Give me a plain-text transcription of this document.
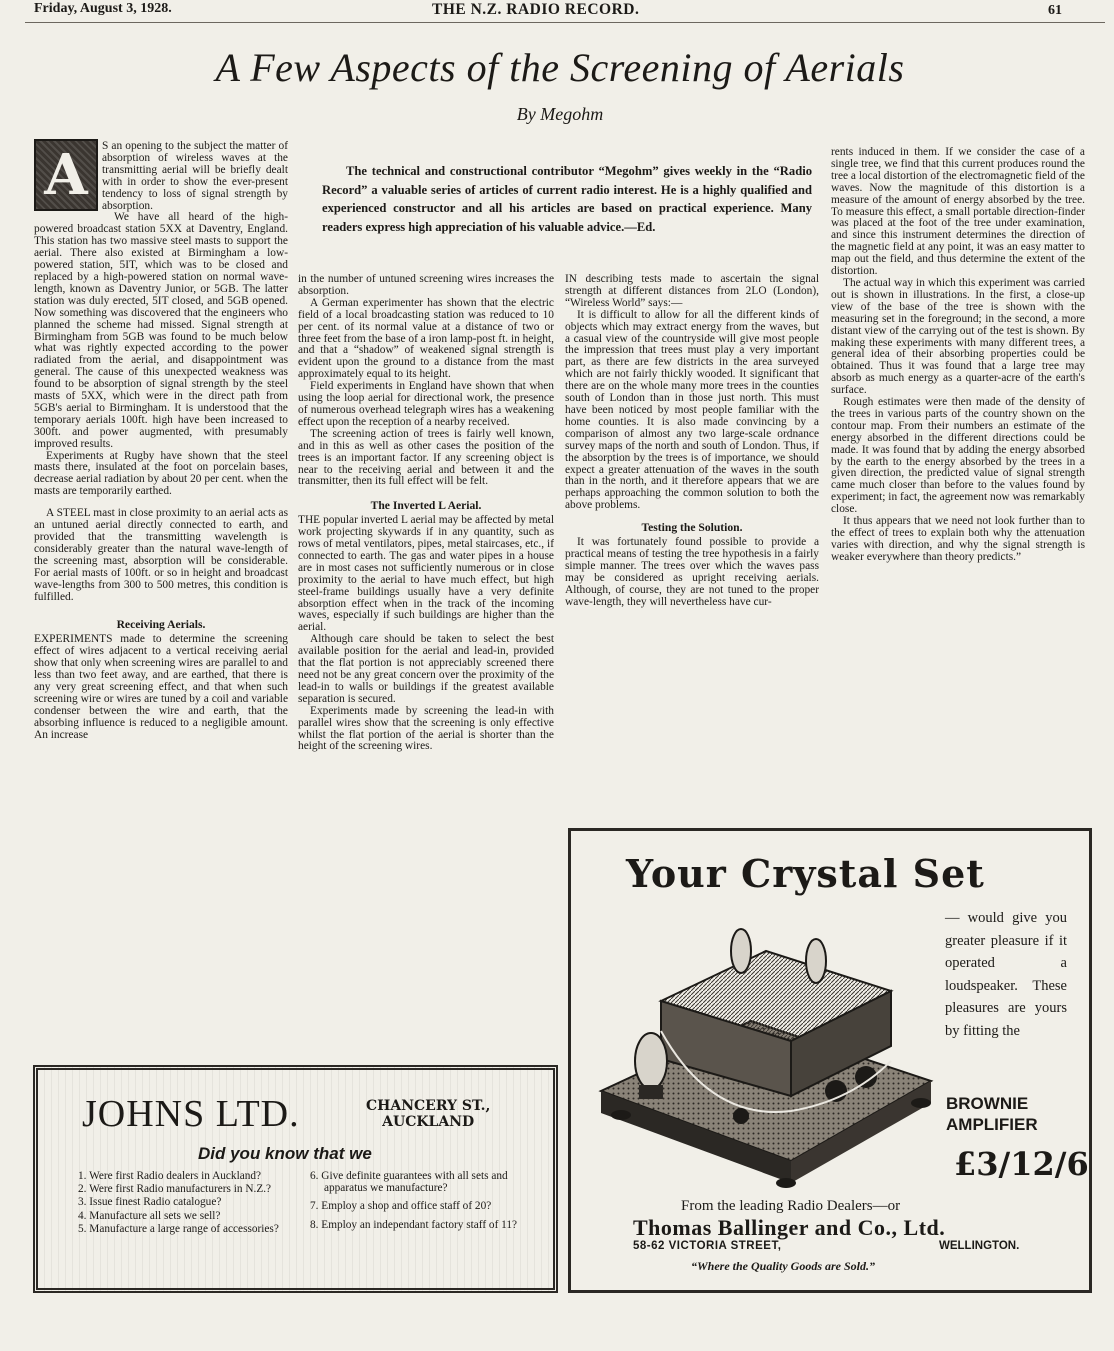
Friday, August 3, 1928.	THE N.Z. RADIO RECORD.	61
A Few Aspects of the Screening of Aerials
By Megohm
The technical and constructional contributor “Megohm” gives weekly in the “Radio Record” a valuable series of articles of current radio interest. He is a highly qualified and experienced constructor and all his articles are based on practical experience. Many readers express high appreciation of his valuable advice.—Ed.
A	S an opening to the subject the matter of absorption of wireless waves at the transmitting aerial will be briefly dealt with in order to show the ever-present tendency to loss of signal strength by absorption.

We have all heard of the high-powered broadcast station 5XX at Daventry, England. This station has two massive steel masts to support the aerial. There also existed at Birmingham a low-powered station, 5IT, which was to be closed and replaced by a high-powered station on normal wave-length, known as Daventry Junior, or 5GB. The latter station was duly erected, 5IT closed, and 5GB opened. Now something was discovered that the engineers who planned the scheme had missed. Signal strength at Birmingham from 5GB was found to be much below what was rightly expected according to the power radiated from the aerial, and disappointment was general. The cause of this unexpected weakness was found to be absorption of signal strength by the steel masts of 5XX, which were in the direct path from 5GB's aerial to Birmingham. It is understood that the temporary aerials 100ft. high have been increased to 300ft. and power augmented, with presumably improved results.

Experiments at Rugby have shown that the steel masts there, insulated at the foot on porcelain bases, decrease aerial radiation by about 20 per cent. when the masts are temporarily earthed.

A STEEL mast in close proximity to an aerial acts as an untuned aerial directly connected to earth, and provided that the transmitting wavelength is considerably greater than the natural wave-length of the screening mast, absorption will be considerable. For aerial masts of 100ft. or so in height and broadcast wave-lengths from 300 to 500 metres, this condition is fulfilled.

Receiving Aerials.

EXPERIMENTS made to determine the screening effect of wires adjacent to a vertical receiving aerial show that only when screening wires are parallel to and less than two feet away, and are earthed, that there is any very great screening effect, and that when such screening wire or wires are tuned by a coil and variable condenser between the wire and earth, that the absorbing influence is reduced to a negligible amount. An increase

in the number of untuned screening wires increases the absorption.

A German experimenter has shown that the electric field of a local broadcasting station was reduced to 10 per cent. of its normal value at a distance of two or three feet from the base of a iron lamp-post ft. in height, and that a “shadow” of weakened signal strength is evident upon the ground to a distance from the mast approximately equal to its height.

Field experiments in England have shown that when using the loop aerial for directional work, the presence of numerous overhead telegraph wires has a weakening effect upon the reception of a nearby received.

The screening action of trees is fairly well known, and in this as well as other cases the position of the trees is an important factor. If any screening object is near to the receiving aerial and between it and the transmitter, then its full effect will be felt.

The Inverted L Aerial.

THE popular inverted L aerial may be affected by metal work projecting skywards if in any quantity, such as rows of metal ventilators, pipes, metal staircases, etc., if connected to earth. The gas and water pipes in a house are in most cases not sufficiently numerous or in close proximity to the aerial to have much effect, but high steel-frame buildings usually have a very definite absorption effect when in the track of the incoming waves, especially if such buildings are higher than the aerial.

Although care should be taken to select the best available position for the aerial and lead-in, provided that the flat portion is not appreciably screened there need not be any great concern over the proximity of the lead-in to walls or buildings if the greatest available separation is secured.

Experiments made by screening the lead-in with parallel wires show that the screening is only effective whilst the flat portion of the aerial is shorter than the height of the screening wires.

IN describing tests made to ascertain the signal strength at different distances from 2LO (London), “Wireless World” says:—

It is difficult to allow for all the different kinds of objects which may extract energy from the waves, but a casual view of the countryside will give most people the impression that trees must play a very important part, as there are few districts in the area surveyed which are not fairly thickly wooded. It significant that there are on the whole many more trees in the counties south of London than in those just north. This must have been noticed by most people familiar with the home counties. It is also made convincing by a comparison of almost any two large-scale ordnance survey maps of the north and south of London. Thus, if the absorption by the trees is of importance, we should expect a greater attenuation of the waves in the south than in the north, and it therefore appears that we are perhaps approaching the common solution to both the above problems.

Testing the Solution.

It was fortunately found possible to provide a practical means of testing the tree hypothesis in a fairly simple manner. The trees over which the waves pass may be considered as upright receiving aerials. Although, of course, they are not tuned to the proper wave-length, they will nevertheless have cur-

rents induced in them. If we consider the case of a single tree, we find that this current produces round the tree a local distortion of the electromagnetic field of the waves. Now the magnitude of this distortion is a measure of the amount of energy absorbed by the tree. To measure this effect, a small portable direction-finder was placed at the foot of the tree under examination, and since this instrument determines the direction of the magnetic field at any point, it was an easy matter to map out the field, and thus determine the extent of the distortion.

The actual way in which this experiment was carried out is shown in illustrations. In the first, a close-up view of the base of the tree is shown with the measuring set in the foreground; in the second, a more distant view of the carrying out of the test is shown. By making these experiments with many different trees, a general idea of their absorbing properties could be obtained. Thus it was found that a large tree may absorb as much energy as a quarter-acre of the earth's surface.

Rough estimates were then made of the density of the trees in various parts of the country shown on the contour map. From their numbers an estimate of the energy absorbed in the different directions could be made. It was found that by adding the energy absorbed by the earth to the energy absorbed by the trees in a given direction, the predicted value of signal strength came much closer than before to the values found by experiment; in fact, the agreement now was remarkably close.

It thus appears that we need not look further than to the effect of trees to explain both why the attenuation varies with direction, and why the signal strength is weaker everywhere than theory predicts.”

JOHNS LTD.	CHANCERY ST.,
AUCKLAND
Did you know that we
1. Were first Radio dealers in Auckland?
2. Were first Radio manufacturers in N.Z.?
3. Issue finest Radio catalogue?
4. Manufacture all sets we sell?
5. Manufacture a large range of accessories?
6. Give definite guarantees with all sets and apparatus we manufacture?
7. Employ a shop and office staff of 20?
8. Employ an independant factory staff of 11?
Your Crystal Set
— would give you greater pleasure if it operated a loudspeaker. These pleasures are yours by fitting the
BROWNIE
AMPLIFIER
£3/12/6
From the leading Radio Dealers—or
Thomas Ballinger and Co., Ltd.
58-62 VICTORIA STREET,	WELLINGTON.
“Where the Quality Goods are Sold.”
